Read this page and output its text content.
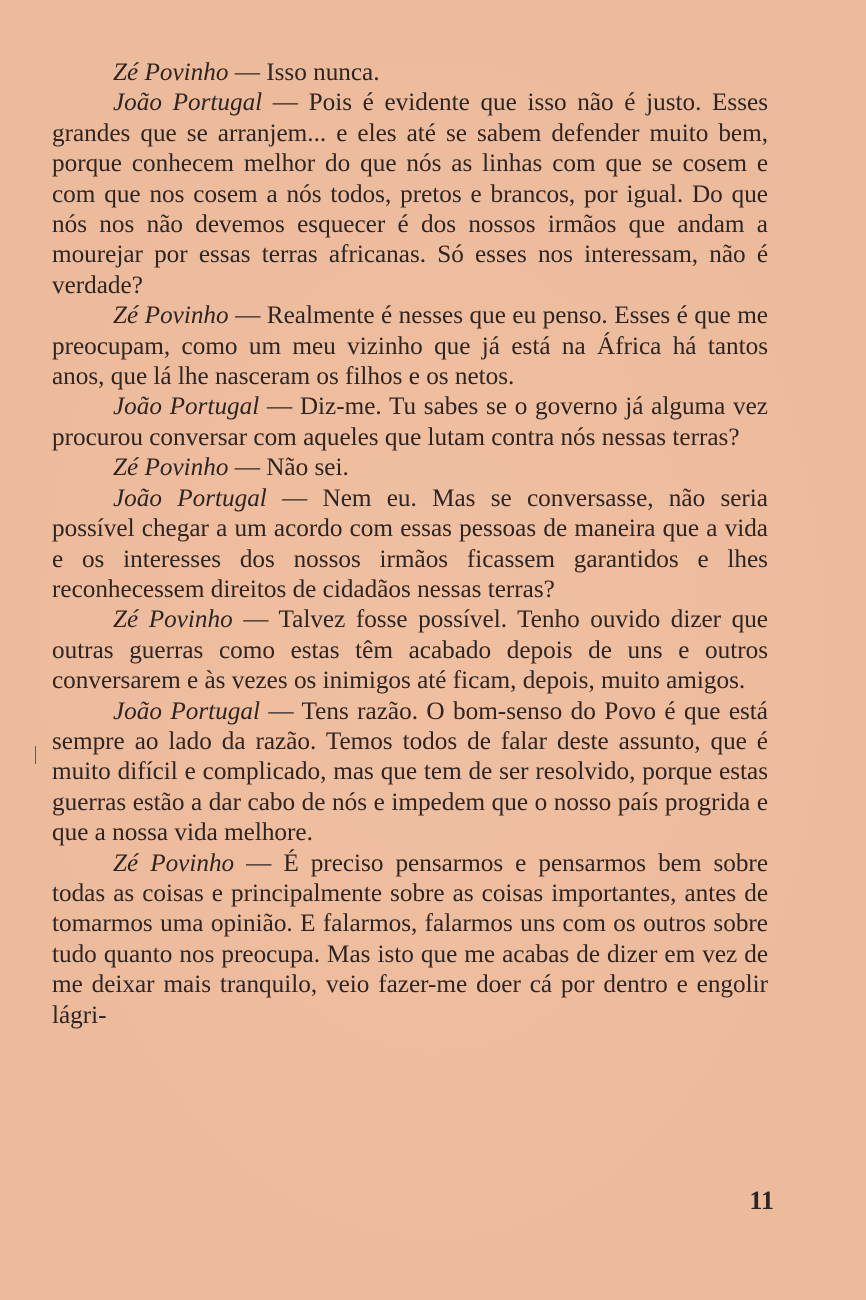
Zé Povinho — Isso nunca.

João Portugal — Pois é evidente que isso não é justo. Esses grandes que se arranjem... e eles até se sabem defender muito bem, porque conhecem melhor do que nós as linhas com que se cosem e com que nos cosem a nós todos, pretos e brancos, por igual. Do que nós nos não devemos esquecer é dos nossos irmãos que andam a mourejar por essas terras africanas. Só esses nos interessam, não é verdade?

Zé Povinho — Realmente é nesses que eu penso. Esses é que me preocupam, como um meu vizinho que já está na África há tantos anos, que lá lhe nasceram os filhos e os netos.

João Portugal — Diz-me. Tu sabes se o governo já alguma vez procurou conversar com aqueles que lutam contra nós nessas terras?

Zé Povinho — Não sei.

João Portugal — Nem eu. Mas se conversasse, não seria possível chegar a um acordo com essas pessoas de maneira que a vida e os interesses dos nossos irmãos ficassem garantidos e lhes reconhecessem direitos de cidadãos nessas terras?

Zé Povinho — Talvez fosse possível. Tenho ouvido dizer que outras guerras como estas têm acabado depois de uns e outros conversarem e às vezes os inimigos até ficam, depois, muito amigos.

João Portugal — Tens razão. O bom-senso do Povo é que está sempre ao lado da razão. Temos todos de falar deste assunto, que é muito difícil e complicado, mas que tem de ser resolvido, porque estas guerras estão a dar cabo de nós e impedem que o nosso país progrida e que a nossa vida melhore.

Zé Povinho — É preciso pensarmos e pensarmos bem sobre todas as coisas e principalmente sobre as coisas importantes, antes de tomarmos uma opinião. E falarmos, falarmos uns com os outros sobre tudo quanto nos preocupa. Mas isto que me acabas de dizer em vez de me deixar mais tranquilo, veio fazer-me doer cá por dentro e engolir lágri-

11
